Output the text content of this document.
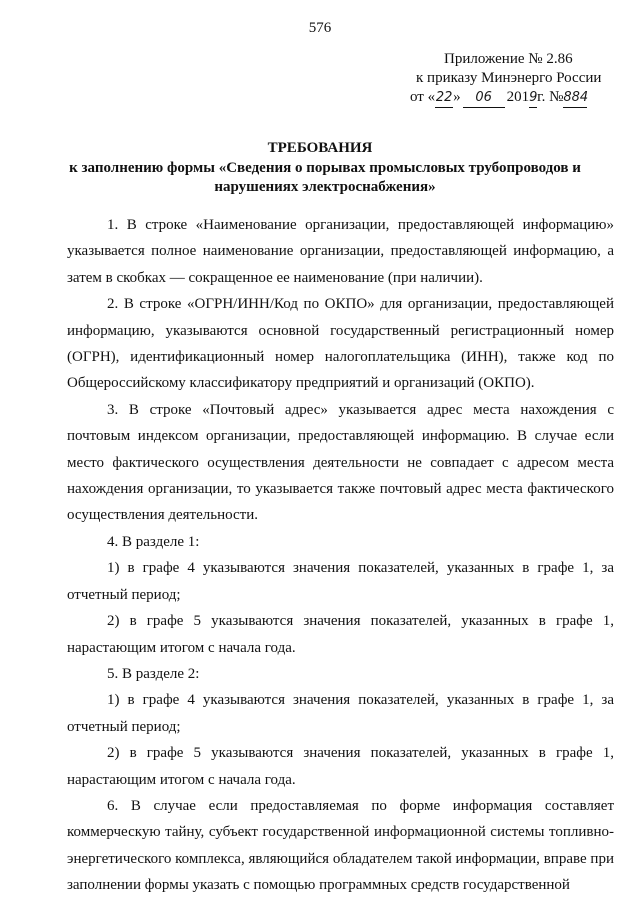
576
Приложение № 2.86
к приказу Минэнерго России
от «22» 06 2019г. №884
ТРЕБОВАНИЯ
к заполнению формы «Сведения о порывах промысловых трубопроводов и нарушениях электроснабжения»

1. В строке «Наименование организации, предоставляющей информацию» указывается полное наименование организации, предоставляющей информацию, а затем в скобках — сокращенное ее наименование (при наличии).

2. В строке «ОГРН/ИНН/Код по ОКПО» для организации, предоставляющей информацию, указываются основной государственный регистрационный номер (ОГРН), идентификационный номер налогоплательщика (ИНН), также код по Общероссийскому классификатору предприятий и организаций (ОКПО).

3. В строке «Почтовый адрес» указывается адрес места нахождения с почтовым индексом организации, предоставляющей информацию. В случае если место фактического осуществления деятельности не совпадает с адресом места нахождения организации, то указывается также почтовый адрес места фактического осуществления деятельности.

4. В разделе 1:

1) в графе 4 указываются значения показателей, указанных в графе 1, за отчетный период;

2) в графе 5 указываются значения показателей, указанных в графе 1, нарастающим итогом с начала года.

5. В разделе 2:

1) в графе 4 указываются значения показателей, указанных в графе 1, за отчетный период;

2) в графе 5 указываются значения показателей, указанных в графе 1, нарастающим итогом с начала года.

6. В случае если предоставляемая по форме информация составляет коммерческую тайну, субъект государственной информационной системы топливно-энергетического комплекса, являющийся обладателем такой информации, вправе при заполнении формы указать с помощью программных средств государственной
